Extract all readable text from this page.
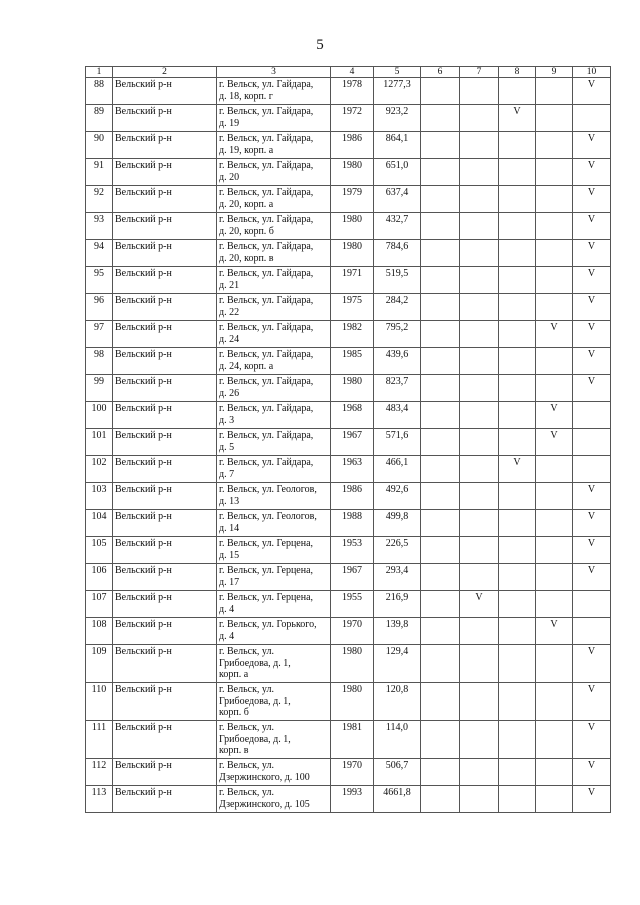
5
1	2	3	4	5	6	7	8	9	10
88	Вельский р-н	г. Вельск, ул. Гайдара,
д. 18, корп. г	1978	1277,3					V
89	Вельский р-н	г. Вельск, ул. Гайдара,
д. 19	1972	923,2			V		
90	Вельский р-н	г. Вельск, ул. Гайдара,
д. 19, корп. а	1986	864,1					V
91	Вельский р-н	г. Вельск, ул. Гайдара,
д. 20	1980	651,0					V
92	Вельский р-н	г. Вельск, ул. Гайдара,
д. 20, корп. а	1979	637,4					V
93	Вельский р-н	г. Вельск, ул. Гайдара,
д. 20, корп. б	1980	432,7					V
94	Вельский р-н	г. Вельск, ул. Гайдара,
д. 20, корп. в	1980	784,6					V
95	Вельский р-н	г. Вельск, ул. Гайдара,
д. 21	1971	519,5					V
96	Вельский р-н	г. Вельск, ул. Гайдара,
д. 22	1975	284,2					V
97	Вельский р-н	г. Вельск, ул. Гайдара,
д. 24	1982	795,2				V	V
98	Вельский р-н	г. Вельск, ул. Гайдара,
д. 24, корп. а	1985	439,6					V
99	Вельский р-н	г. Вельск, ул. Гайдара,
д. 26	1980	823,7					V
100	Вельский р-н	г. Вельск, ул. Гайдара,
д. 3	1968	483,4				V	
101	Вельский р-н	г. Вельск, ул. Гайдара,
д. 5	1967	571,6				V	
102	Вельский р-н	г. Вельск, ул. Гайдара,
д. 7	1963	466,1			V		
103	Вельский р-н	г. Вельск, ул. Геологов,
д. 13	1986	492,6					V
104	Вельский р-н	г. Вельск, ул. Геологов,
д. 14	1988	499,8					V
105	Вельский р-н	г. Вельск, ул. Герцена,
д. 15	1953	226,5					V
106	Вельский р-н	г. Вельск, ул. Герцена,
д. 17	1967	293,4					V
107	Вельский р-н	г. Вельск, ул. Герцена,
д. 4	1955	216,9		V			
108	Вельский р-н	г. Вельск, ул. Горького,
д. 4	1970	139,8				V	
109	Вельский р-н	г. Вельск, ул.
Грибоедова, д. 1,
корп. а	1980	129,4					V
110	Вельский р-н	г. Вельск, ул.
Грибоедова, д. 1,
корп. б	1980	120,8					V
111	Вельский р-н	г. Вельск, ул.
Грибоедова, д. 1,
корп. в	1981	114,0					V
112	Вельский р-н	г. Вельск, ул.
Дзержинского, д. 100	1970	506,7					V
113	Вельский р-н	г. Вельск, ул.
Дзержинского, д. 105	1993	4661,8					V
